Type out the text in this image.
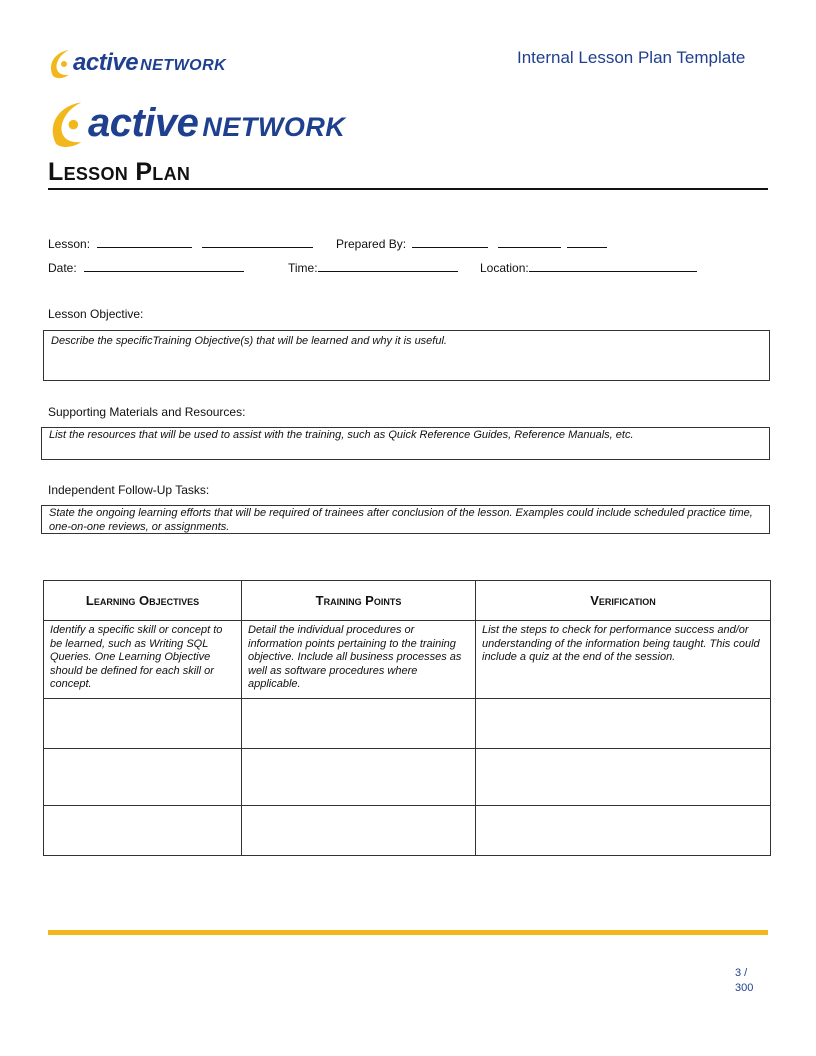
active NETWORK	Internal Lesson Plan Template
active NETWORK
Lesson Plan
Lesson:	Prepared By:
Date:	Time:	Location:
Lesson Objective:
Describe the specificTraining Objective(s) that will be learned and why it is useful.
Supporting Materials and Resources:
List the resources that will be used to assist with the training, such as Quick Reference Guides, Reference Manuals, etc.
Independent Follow-Up Tasks:
State the ongoing learning efforts that will be required of trainees after conclusion of the lesson. Examples could include scheduled practice time, one-on-one reviews, or assignments.
Learning Objectives	Training Points	Verification

Identify a specific skill or concept to be learned, such as Writing SQL Queries. One Learning Objective should be defined for each skill or concept.	Detail the individual procedures or information points pertaining to the training objective. Include all business processes as well as software procedures where applicable.	List the steps to check for performance success and/or understanding of the information being taught. This could include a quiz at the end of the session.

3 /
300
